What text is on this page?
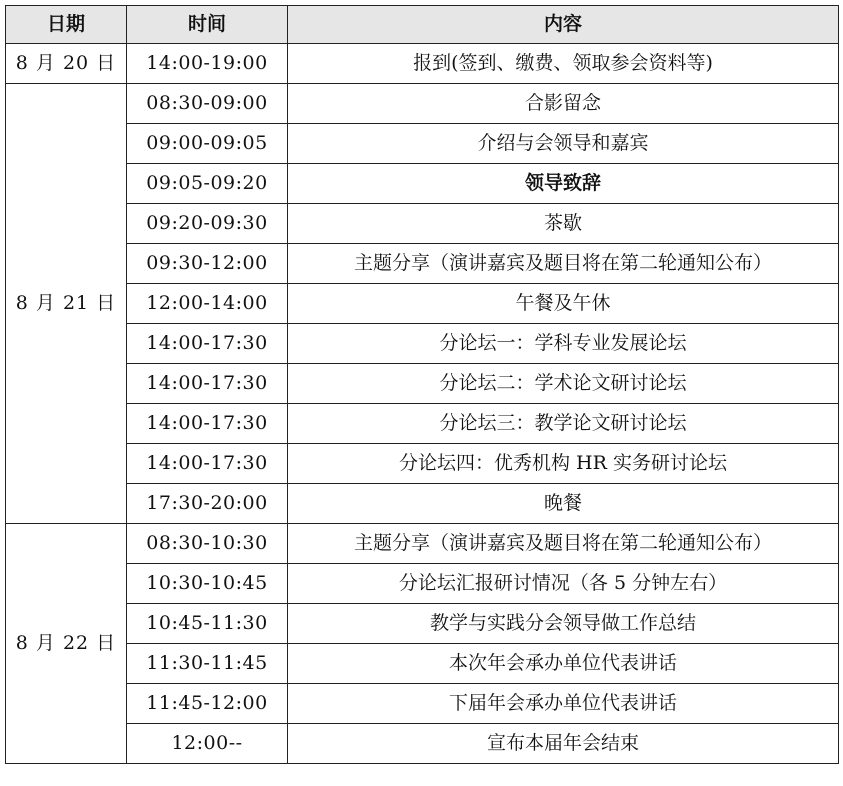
日期	时间	内容
8 月 20 日	14:00-19:00	报到(签到、缴费、领取参会资料等)
8 月 21 日	08:30-09:00	合影留念
	09:00-09:05	介绍与会领导和嘉宾
	09:05-09:20	领导致辞
	09:20-09:30	茶歇
	09:30-12:00	主题分享（演讲嘉宾及题目将在第二轮通知公布）
	12:00-14:00	午餐及午休
	14:00-17:30	分论坛一：学科专业发展论坛
	14:00-17:30	分论坛二：学术论文研讨论坛
	14:00-17:30	分论坛三：教学论文研讨论坛
	14:00-17:30	分论坛四：优秀机构 HR 实务研讨论坛
	17:30-20:00	晚餐
8 月 22 日	08:30-10:30	主题分享（演讲嘉宾及题目将在第二轮通知公布）
	10:30-10:45	分论坛汇报研讨情况（各 5 分钟左右）
	10:45-11:30	教学与实践分会领导做工作总结
	11:30-11:45	本次年会承办单位代表讲话
	11:45-12:00	下届年会承办单位代表讲话
	12:00--	宣布本届年会结束
